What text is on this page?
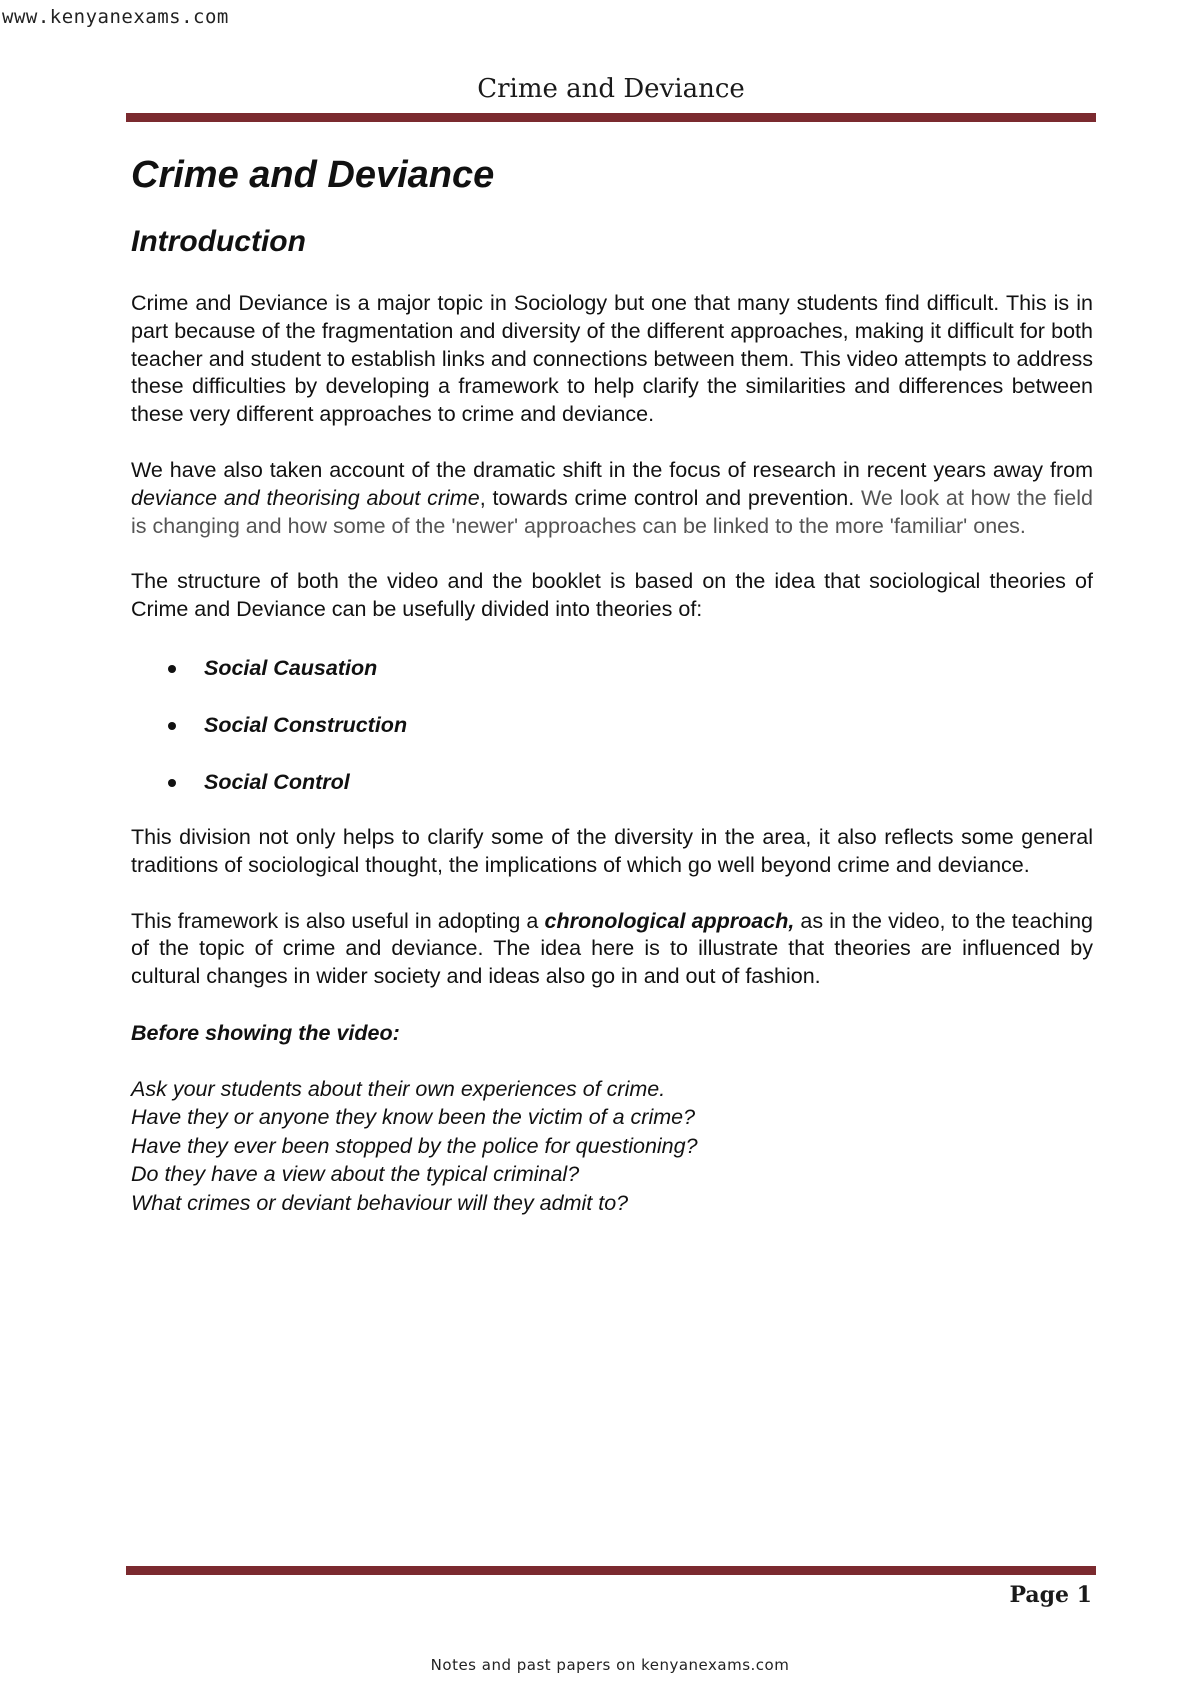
www.kenyanexams.com
Crime and Deviance
Crime and Deviance
Introduction

Crime and Deviance is a major topic in Sociology but one that many students find difficult. This is in part because of the fragmentation and diversity of the different approaches, making it difficult for both teacher and student to establish links and connections between them. This video attempts to address these difficulties by developing a framework to help clarify the similarities and differences between these very different approaches to crime and deviance.

We have also taken account of the dramatic shift in the focus of research in recent years away from deviance and theorising about crime, towards crime control and prevention. We look at how the field is changing and how some of the 'newer' approaches can be linked to the more 'familiar' ones.

The structure of both the video and the booklet is based on the idea that sociological theories of Crime and Deviance can be usefully divided into theories of:

Social Causation
Social Construction
Social Control

This division not only helps to clarify some of the diversity in the area, it also reflects some general traditions of sociological thought, the implications of which go well beyond crime and deviance.

This framework is also useful in adopting a chronological approach, as in the video, to the teaching of the topic of crime and deviance. The idea here is to illustrate that theories are influenced by cultural changes in wider society and ideas also go in and out of fashion.

Before showing the video:
Ask your students about their own experiences of crime.
Have they or anyone they know been the victim of a crime?
Have they ever been stopped by the police for questioning?
Do they have a view about the typical criminal?
What crimes or deviant behaviour will they admit to?
Page 1
Notes and past papers on kenyanexams.com
